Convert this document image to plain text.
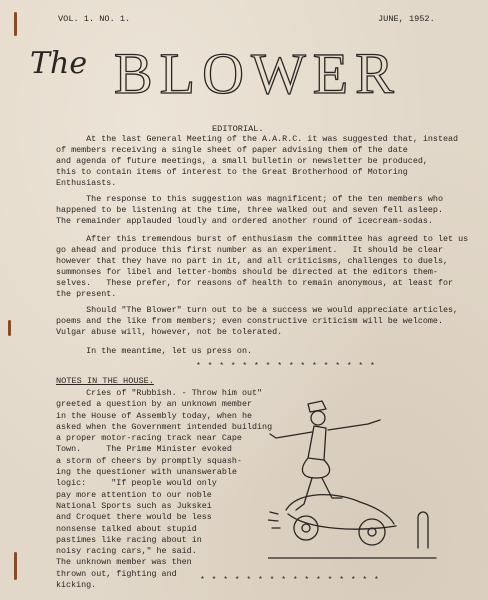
VOL. 1. NO. 1.	JUNE, 1952.
The BLOWER
EDITORIAL.
At the last General Meeting of the A.A.R.C. it was suggested that, instead
of members receiving a single sheet of paper advising them of the date
and agenda of future meetings, a small bulletin or newsletter be produced,
this to contain items of interest to the Great Brotherhood of Motoring
Enthusiasts.
The response to this suggestion was magnificent; of the ten members who
happened to be listening at the time, three walked out and seven fell asleep.
The remainder applauded loudly and ordered another round of icecream-sodas.
After this tremendous burst of enthusiasm the committee has agreed to let us
go ahead and produce this first number as an experiment.   It should be clear
however that they have no part in it, and all criticisms, challenges to duels,
summonses for libel and letter-bombs should be directed at the editors them-
selves.   These prefer, for reasons of health to remain anonymous, at least for
the present.
Should "The Blower" turn out to be a success we would appreciate articles,
poems and the like from members; even constructive criticism will be welcome.
Vulgar abuse will, however, not be tolerated.
In the meantime, let us press on.
* * * * * * * * * * * * * * * *
NOTES IN THE HOUSE.
Cries of "Rubbish. - Throw him out"
greeted a question by an unknown member
in the House of Assembly today, when he
asked when the Government intended building
a proper motor-racing track near Cape
Town.     The Prime Minister evoked
a storm of cheers by promptly squash-
ing the questioner with unanswerable
logic:     "If people would only
pay more attention to our noble
National Sports such as Jukskei
and Croquet there would be less
nonsense talked about stupid
pastimes like racing about in
noisy racing cars," he said.
The unknown member was then
thrown out, fighting and
kicking.	* * * * * * * * * * * * * * * *
